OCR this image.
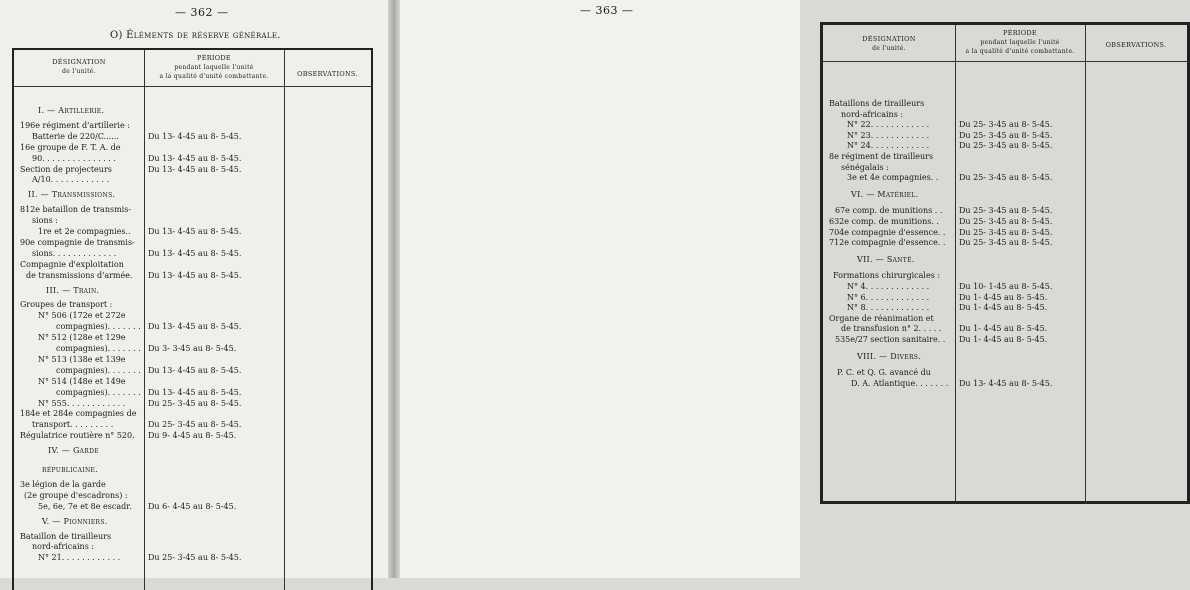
— 362 —
O) Éléments de réserve générale.
DÉSIGNATION
de l'unité.
PÉRIODE
pendant laquelle l'unité
a la qualité d'unité combattante.	OBSERVATIONS.
I. — Artillerie.
196e régiment d'artillerie :
Batterie de 220/C......	Du 13- 4-45 au 8- 5-45.
16e groupe de F. T. A. de
90. . . . . . . . . . . . . . .	Du 13- 4-45 au 8- 5-45.
Section de projecteurs	Du 13- 4-45 au 8- 5-45.
A/10. . . . . . . . . . . .
II. — Transmissions.
812e bataillon de transmis-
sions :
1re et 2e compagnies.. Du 13- 4-45 au 8- 5-45.
90e compagnie de transmis-
sions. . . . . . . . . . . . .	Du 13- 4-45 au 8- 5-45.
Compagnie d'exploitation
de transmissions d'armée. Du 13- 4-45 au 8- 5-45.
III. — Train.
Groupes de transport :
N° 506 (172e et 272e
compagnies). . . . . . . Du 13- 4-45 au 8- 5-45.
N° 512 (128e et 129e
compagnies). . . . . . . Du 3- 3-45 au 8- 5-45.
N° 513 (138e et 139e
compagnies). . . . . . . Du 13- 4-45 au 8- 5-45.
N° 514 (148e et 149e
compagnies). . . . . . . Du 13- 4-45 au 8- 5-45.
N° 555. . . . . . . . . . . .	Du 25- 3-45 au 8- 5-45.
184e et 284e compagnies de
transport. . . . . . . . .	Du 25- 3-45 au 8- 5-45.
Régulatrice routière n° 520. Du 9- 4-45 au 8- 5-45.
IV. — Garde
républicaine.
3e légion de la garde
(2e groupe d'escadrons) :
5e, 6e, 7e et 8e escadr. Du 6- 4-45 au 8- 5-45.
V. — Pionniers.
Bataillon de tirailleurs
nord-africains :
N° 21. . . . . . . . . . . .	Du 25- 3-45 au 8- 5-45.
— 363 —
DÉSIGNATION
de l'unité.
PÉRIODE
pendant laquelle l'unité
a la qualité d'unité combattante.
OBSERVATIONS.
Bataillons de tirailleurs
nord-africains :
N° 22. . . . . . . . . . . .	Du 25- 3-45 au 8- 5-45.
N° 23. . . . . . . . . . . .	Du 25- 3-45 au 8- 5-45.
N° 24. . . . . . . . . . . .	Du 25- 3-45 au 8- 5-45.
8e régiment de tirailleurs
sénégalais :
3e et 4e compagnies. .	Du 25- 3-45 au 8- 5-45.
VI. — Matériel.
67e comp. de munitions . . Du 25- 3-45 au 8- 5-45.
632e comp. de munitions. .	Du 25- 3-45 au 8- 5-45.
704e compagnie d'essence. . Du 25- 3-45 au 8- 5-45.
712e compagnie d'essence. . Du 25- 3-45 au 8- 5-45.
VII. — Santé.
Formations chirurgicales :
N° 4. . . . . . . . . . . . .	Du 10- 1-45 au 8- 5-45.
N° 6. . . . . . . . . . . . .	Du 1- 4-45 au 8- 5-45.
N° 8. . . . . . . . . . . . .	Du 1- 4-45 au 8- 5-45.
Organe de réanimation et
de transfusion n° 2. . . . . Du 1- 4-45 au 8- 5-45.
535e/27 section sanitaire. . Du 1- 4-45 au 8- 5-45.
VIII. — Divers.
P. C. et Q. G. avancé du
D. A. Atlantique. . . . . . . Du 13- 4-45 au 8- 5-45.
